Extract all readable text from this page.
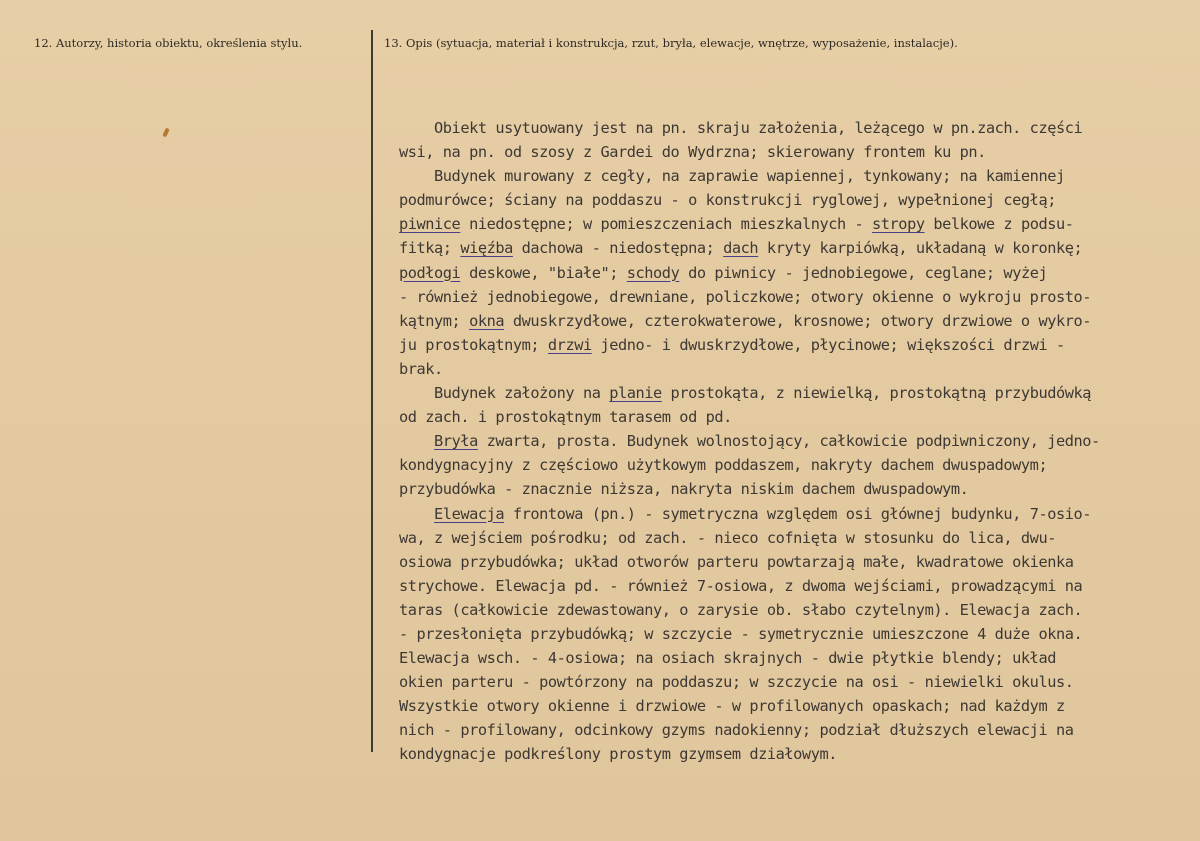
12. Autorzy, historia obiektu, określenia stylu.	13. Opis (sytuacja, materiał i konstrukcja, rzut, bryła, elewacje, wnętrze, wyposażenie, instalacje).
Obiekt usytuowany jest na pn. skraju założenia, leżącego w pn.zach. części
wsi, na pn. od szosy z Gardei do Wydrzna; skierowany frontem ku pn.
Budynek murowany z cegły, na zaprawie wapiennej, tynkowany; na kamiennej
podmurówce; ściany na poddaszu - o konstrukcji ryglowej, wypełnionej cegłą;
piwnice niedostępne; w pomieszczeniach mieszkalnych - stropy belkowe z podsu-
fitką; więźba dachowa - niedostępna; dach kryty karpiówką, układaną w koronkę;
podłogi deskowe, "białe"; schody do piwnicy - jednobiegowe, ceglane; wyżej
- również jednobiegowe, drewniane, policzkowe; otwory okienne o wykroju prosto-
kątnym; okna dwuskrzydłowe, czterokwaterowe, krosnowe; otwory drzwiowe o wykro-
ju prostokątnym; drzwi jedno- i dwuskrzydłowe, płycinowe; większości drzwi -
brak.
Budynek założony na planie prostokąta, z niewielką, prostokątną przybudówką
od zach. i prostokątnym tarasem od pd.
Bryła zwarta, prosta. Budynek wolnostojący, całkowicie podpiwniczony, jedno-
kondygnacyjny z częściowo użytkowym poddaszem, nakryty dachem dwuspadowym;
przybudówka - znacznie niższa, nakryta niskim dachem dwuspadowym.
Elewacja frontowa (pn.) - symetryczna względem osi głównej budynku, 7-osio-
wa, z wejściem pośrodku; od zach. - nieco cofnięta w stosunku do lica, dwu-
osiowa przybudówka; układ otworów parteru powtarzają małe, kwadratowe okienka
strychowe. Elewacja pd. - również 7-osiowa, z dwoma wejściami, prowadzącymi na
taras (całkowicie zdewastowany, o zarysie ob. słabo czytelnym). Elewacja zach.
- przesłonięta przybudówką; w szczycie - symetrycznie umieszczone 4 duże okna.
Elewacja wsch. - 4-osiowa; na osiach skrajnych - dwie płytkie blendy; układ
okien parteru - powtórzony na poddaszu; w szczycie na osi - niewielki okulus.
Wszystkie otwory okienne i drzwiowe - w profilowanych opaskach; nad każdym z
nich - profilowany, odcinkowy gzyms nadokienny; podział dłuższych elewacji na
kondygnacje podkreślony prostym gzymsem działowym.
